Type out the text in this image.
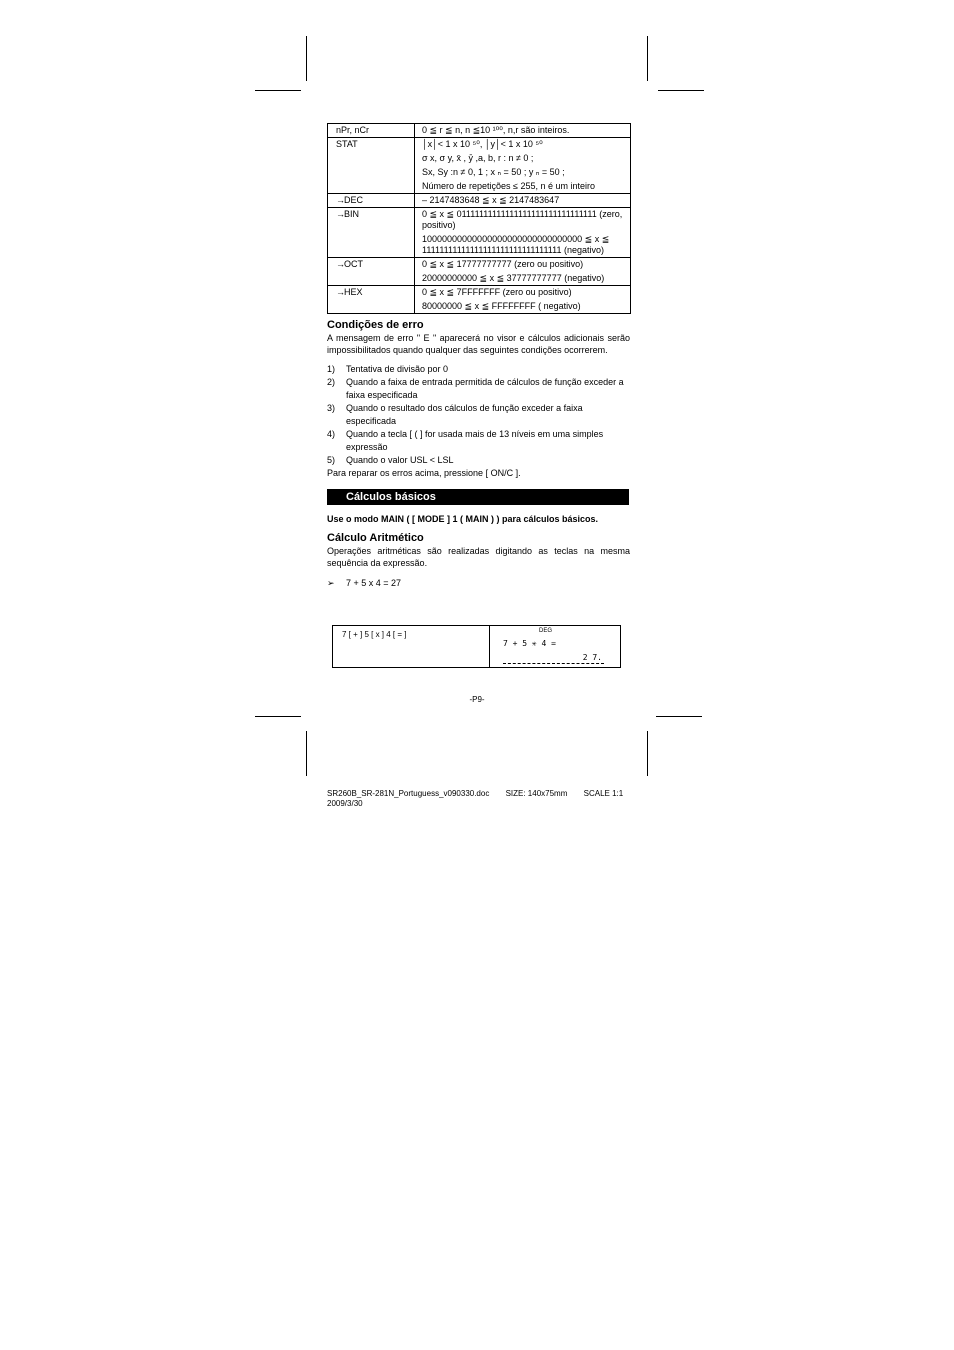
nPr, nCr	0 ≦ r ≦ n, n ≦10 ¹⁰⁰, n,r são inteiros.

STAT	│x│< 1 x 10 ⁵⁰, │y│< 1 x 10 ⁵⁰
σ x, σ y, x̄ , ȳ ,a, b, r : n ≠ 0 ;
Sx, Sy :n ≠ 0, 1 ; x ₙ = 50 ; y ₙ = 50 ;
Número de repetições ≤ 255, n é um inteiro

→DEC	– 2147483648 ≦ x ≦ 2147483647

→BIN	0 ≦ x ≦ 01111111111111111111111111111111 (zero, positivo)
10000000000000000000000000000000 ≦ x ≦ 11111111111111111111111111111111 (negativo)

→OCT	0 ≦ x ≦ 17777777777 (zero ou positivo)
20000000000 ≦ x ≦ 37777777777 (negativo)

→HEX	0 ≦ x ≦ 7FFFFFFF (zero ou positivo)
80000000 ≦ x ≦ FFFFFFFF ( negativo)
Condições de erro

A mensagem de erro " E " aparecerá no visor e cálculos adicionais serão impossibilitados quando qualquer das seguintes condições ocorrerem.

1) Tentativa de divisão por 0
2) Quando a faixa de entrada permitida de cálculos de função exceder a faixa especificada
3) Quando o resultado dos cálculos de função exceder a faixa especificada
4) Quando a tecla [ ( ] for usada mais de 13 níveis em uma simples expressão
5) Quando o valor USL < LSL

Para reparar os erros acima, pressione [ ON/C ].

Cálculos básicos

Use o modo MAIN ( [ MODE ] 1 ( MAIN ) ) para cálculos básicos.

Cálculo Aritmético

Operações aritméticas são realizadas digitando as teclas na mesma sequência da expressão.

➢ 7 + 5 x 4 = 27
7 [ + ] 5 [ x ] 4 [ = ]	DEG
7 + 5 ✳ 4 =
2 7.
-P9-
SR260B_SR-281N_Portuguess_v090330.doc SIZE: 140x75mm SCALE 1:1
2009/3/30
